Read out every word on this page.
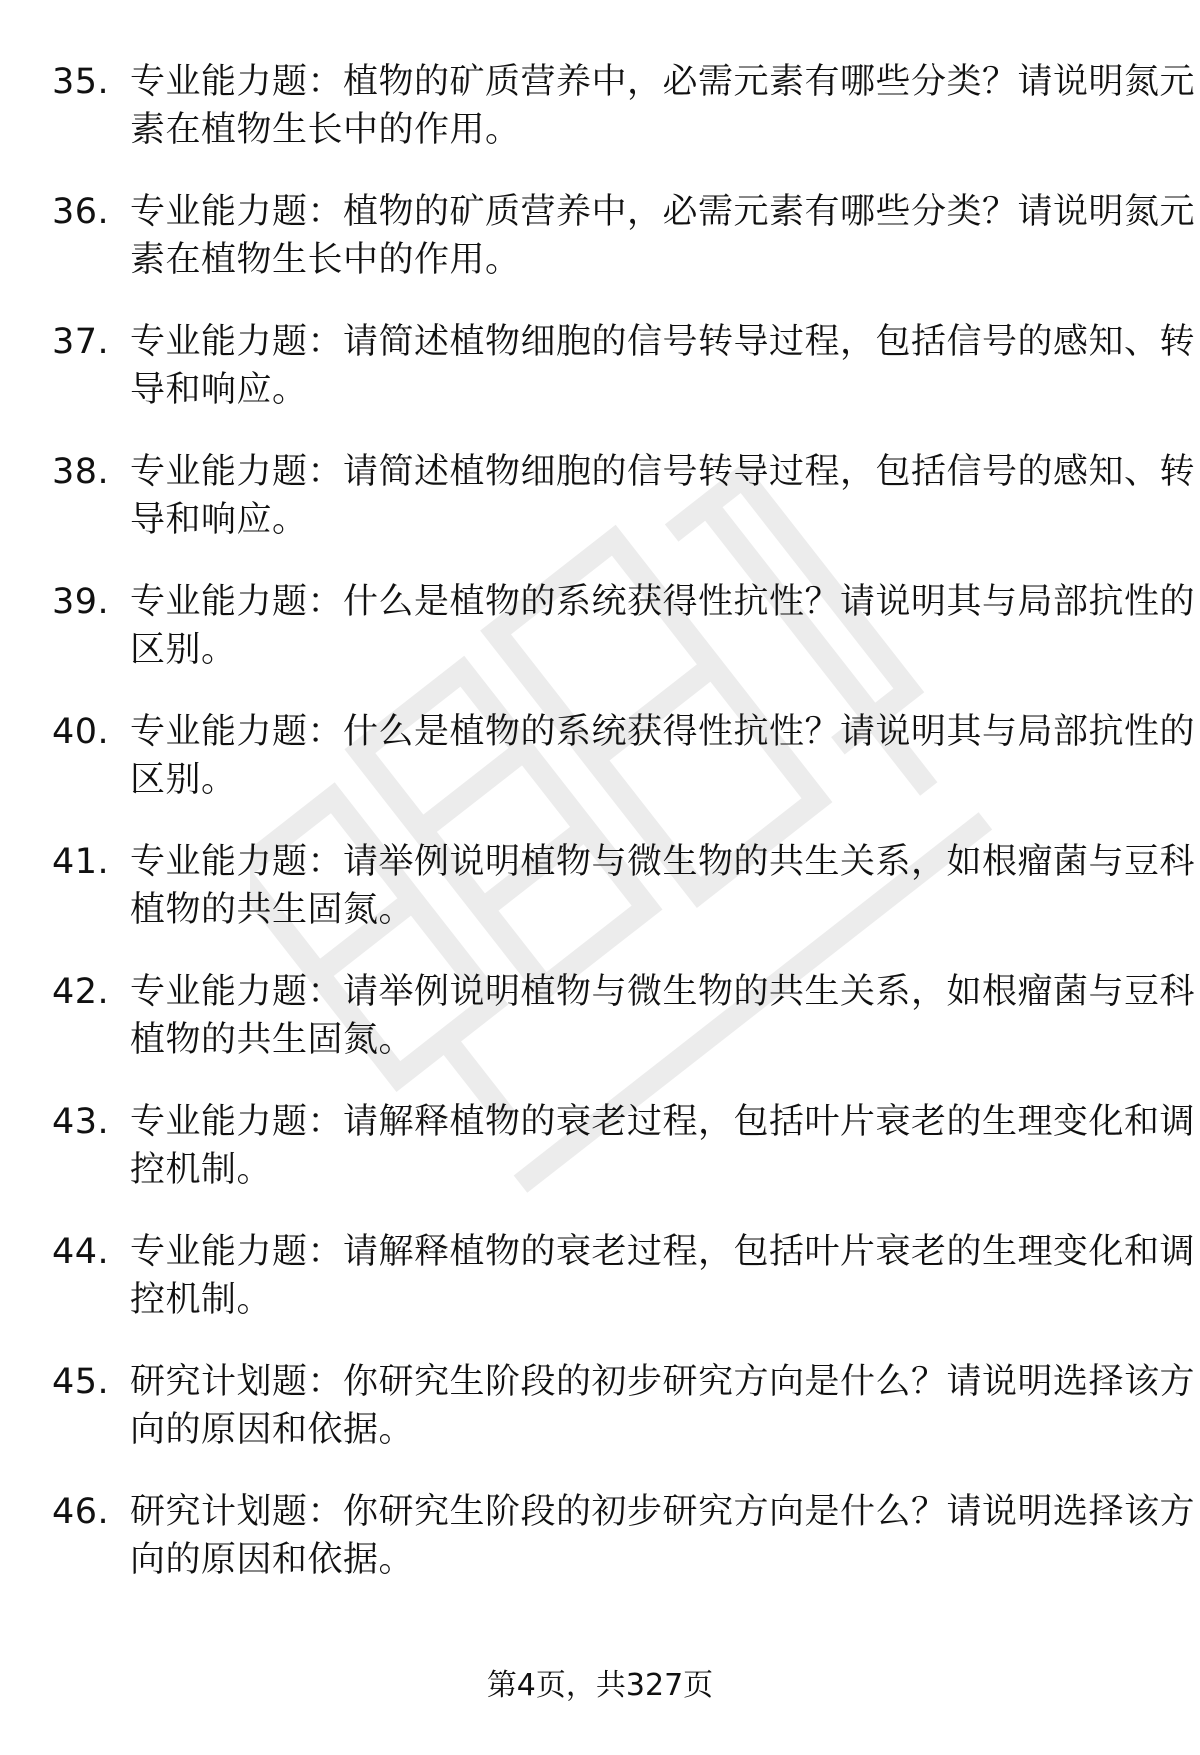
35. 专业能力题：植物的矿质营养中，必需元素有哪些分类？请说明氮元素在植物生长中的作用。
36. 专业能力题：植物的矿质营养中，必需元素有哪些分类？请说明氮元素在植物生长中的作用。
37. 专业能力题：请简述植物细胞的信号转导过程，包括信号的感知、转导和响应。
38. 专业能力题：请简述植物细胞的信号转导过程，包括信号的感知、转导和响应。
39. 专业能力题：什么是植物的系统获得性抗性？请说明其与局部抗性的区别。
40. 专业能力题：什么是植物的系统获得性抗性？请说明其与局部抗性的区别。
41. 专业能力题：请举例说明植物与微生物的共生关系，如根瘤菌与豆科植物的共生固氮。
42. 专业能力题：请举例说明植物与微生物的共生关系，如根瘤菌与豆科植物的共生固氮。
43. 专业能力题：请解释植物的衰老过程，包括叶片衰老的生理变化和调控机制。
44. 专业能力题：请解释植物的衰老过程，包括叶片衰老的生理变化和调控机制。
45. 研究计划题：你研究生阶段的初步研究方向是什么？请说明选择该方向的原因和依据。
46. 研究计划题：你研究生阶段的初步研究方向是什么？请说明选择该方向的原因和依据。
第4页，共327页
